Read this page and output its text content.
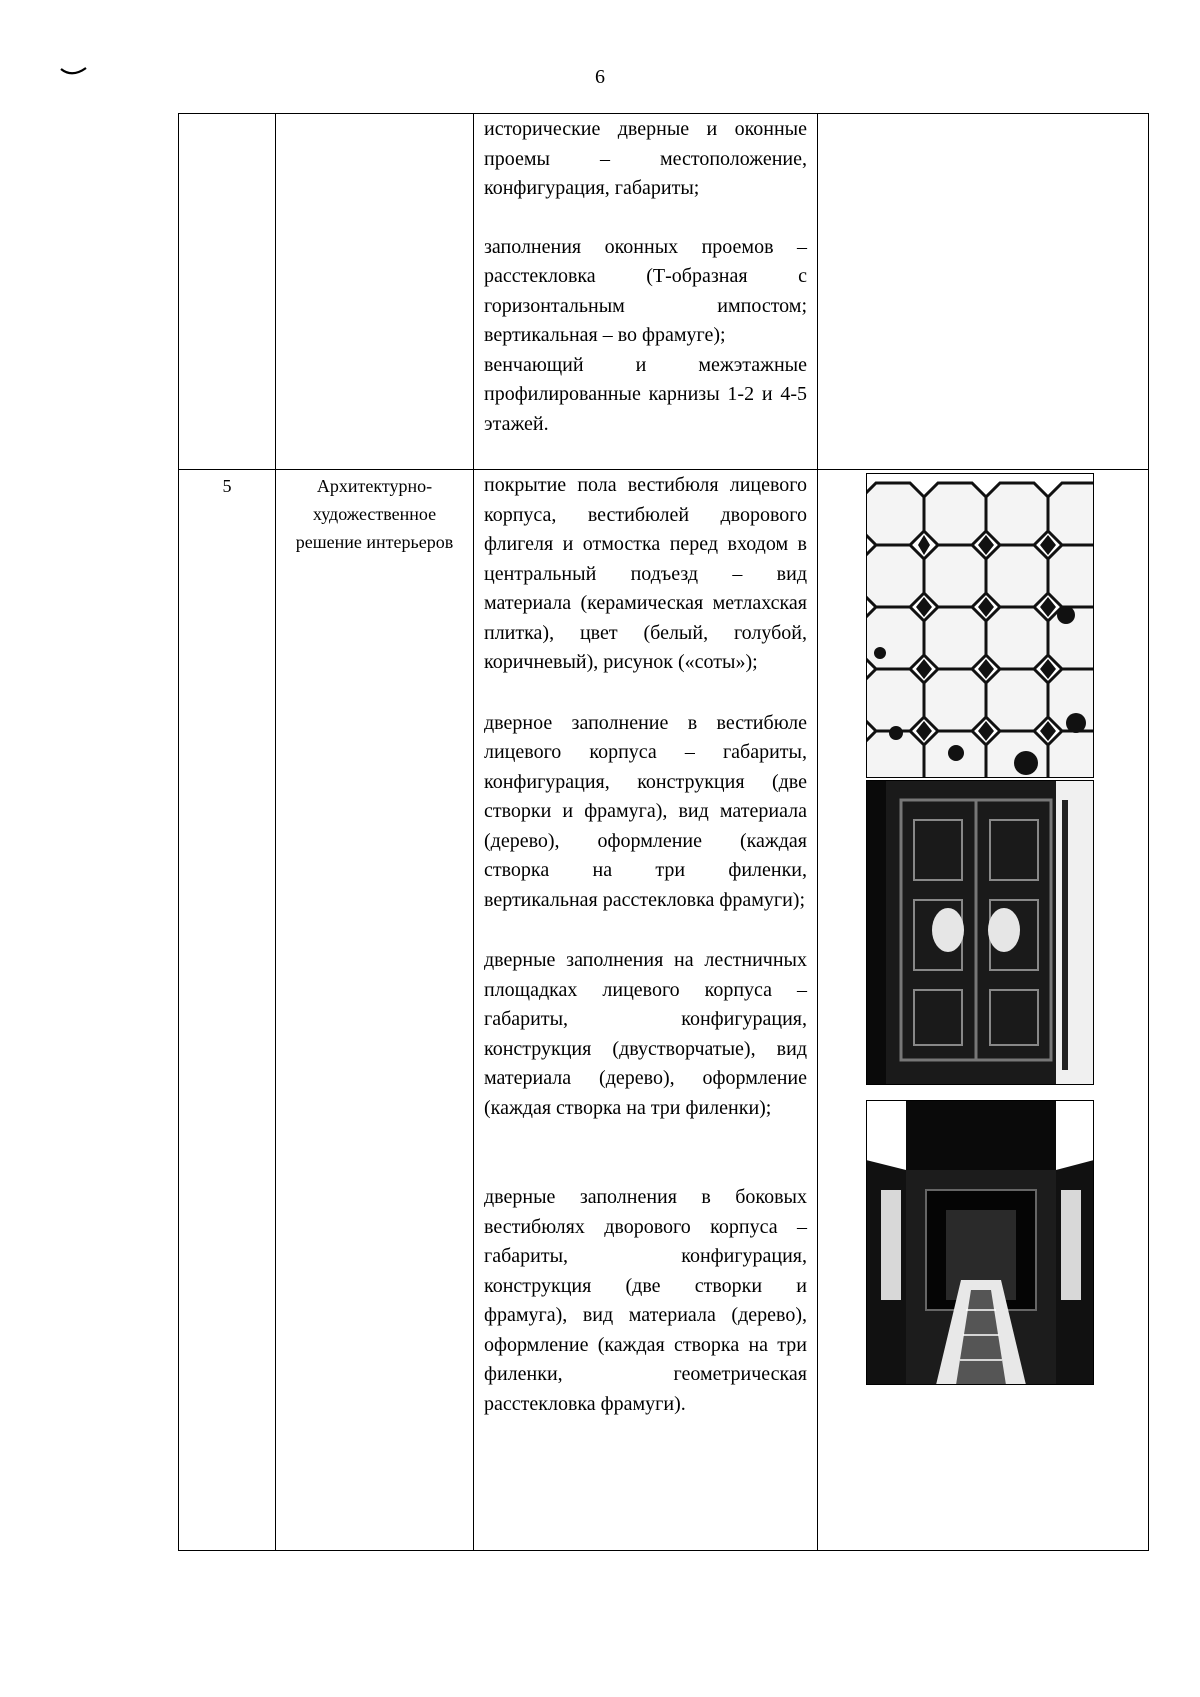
6

		исторические дверные и оконные проемы – местоположение, конфигурация, габариты;

заполнения оконных проемов – расстекловка (Т-образная с горизонтальным импостом; вертикальная – во фрамуге);

венчающий и межэтажные профилированные карнизы 1-2 и 4-5 этажей.	

5	Архитектурно-художественное решение интерьеров	покрытие пола вестибюля лицевого корпуса, вестибюлей дворового флигеля и отмостка перед входом в центральный подъезд – вид материала (керамическая метлахская плитка), цвет (белый, голубой, коричневый), рисунок («соты»);

дверное заполнение в вестибюле лицевого корпуса – габариты, конфигурация, конструкция (две створки и фрамуга), вид материала (дерево), оформление (каждая створка на три филенки, вертикальная расстекловка фрамуги);

дверные заполнения на лестничных площадках лицевого корпуса – габариты, конфигурация, конструкция (двустворчатые), вид материала (дерево), оформление (каждая створка на три филенки);

дверные заполнения в боковых вестибюлях дворового корпуса – габариты, конфигурация, конструкция (две створки и фрамуга), вид материала (дерево), оформление (каждая створка на три филенки, геометрическая расстекловка фрамуги).
